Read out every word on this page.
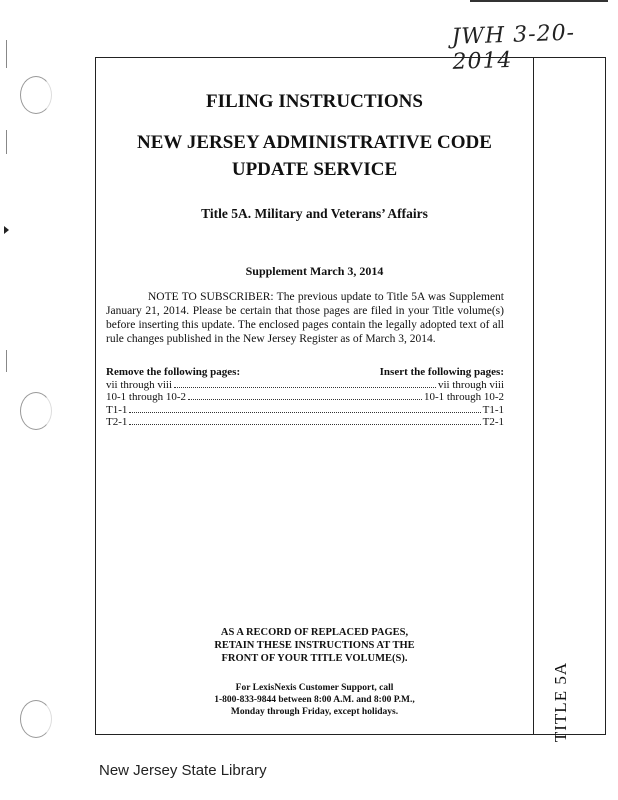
JWH 3-20-2014
TITLE 5A
FILING INSTRUCTIONS
NEW JERSEY ADMINISTRATIVE CODE
UPDATE SERVICE
Title 5A. Military and Veterans’ Affairs
Supplement March 3, 2014
NOTE TO SUBSCRIBER: The previous update to Title 5A was Supplement January 21, 2014. Please be certain that those pages are filed in your Title volume(s) before inserting this update. The enclosed pages contain the legally adopted text of all rule changes published in the New Jersey Register as of March 3, 2014.
Remove the following pages:	Insert the following pages:
vii through viii	vii through viii
10-1 through 10-2	10-1 through 10-2
T1-1	T1-1
T2-1	T2-1
AS A RECORD OF REPLACED PAGES,
RETAIN THESE INSTRUCTIONS AT THE
FRONT OF YOUR TITLE VOLUME(S).
For LexisNexis Customer Support, call
1-800-833-9844 between 8:00 A.M. and 8:00 P.M.,
Monday through Friday, except holidays.
New Jersey State Library
